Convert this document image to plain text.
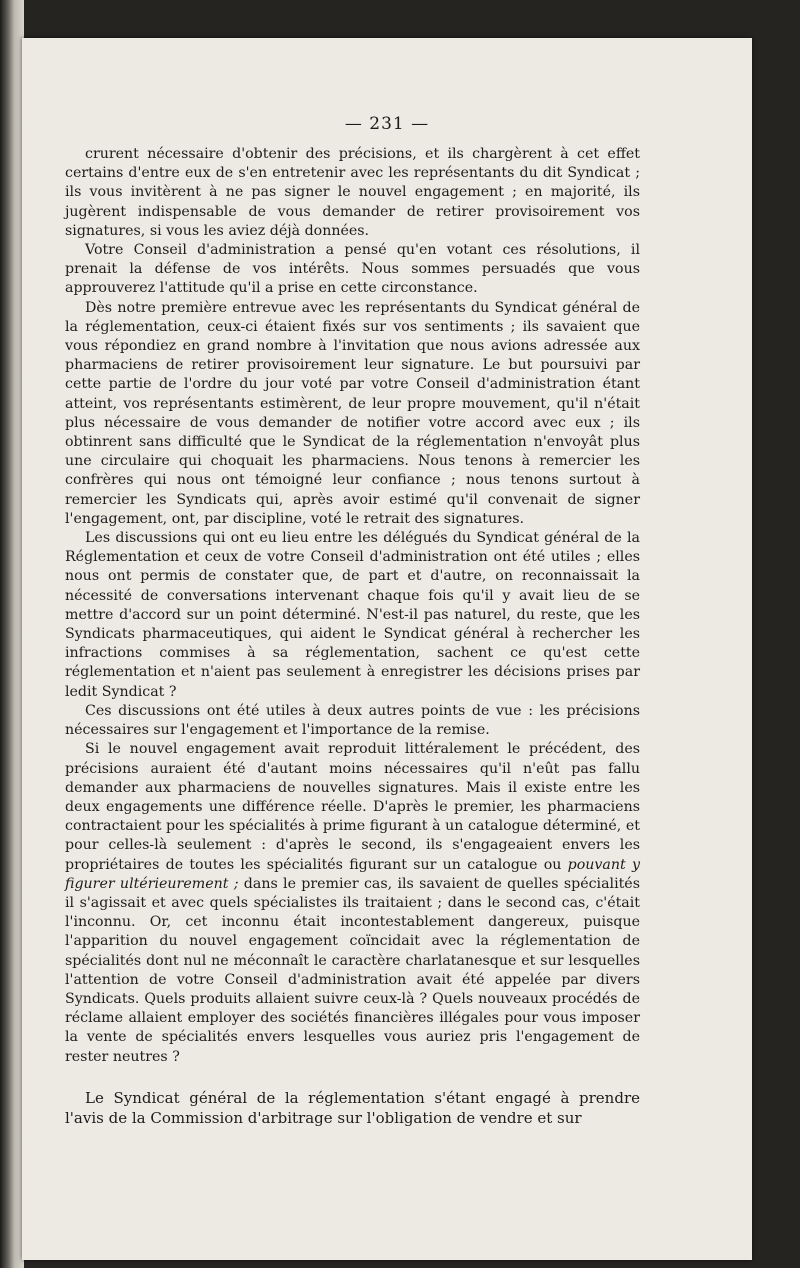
— 231 —

crurent nécessaire d'obtenir des précisions, et ils chargèrent à cet effet certains d'entre eux de s'en entretenir avec les représentants du dit Syndicat ; ils vous invitèrent à ne pas signer le nouvel engagement ; en majorité, ils jugèrent indispensable de vous demander de retirer provisoirement vos signatures, si vous les aviez déjà données.

Votre Conseil d'administration a pensé qu'en votant ces résolutions, il prenait la défense de vos intérêts. Nous sommes persuadés que vous approuverez l'attitude qu'il a prise en cette circonstance.

Dès notre première entrevue avec les représentants du Syndicat général de la réglementation, ceux-ci étaient fixés sur vos sentiments ; ils savaient que vous répondiez en grand nombre à l'invitation que nous avions adressée aux pharmaciens de retirer provisoirement leur signature. Le but poursuivi par cette partie de l'ordre du jour voté par votre Conseil d'administration étant atteint, vos représentants estimèrent, de leur propre mouvement, qu'il n'était plus nécessaire de vous demander de notifier votre accord avec eux ; ils obtinrent sans difficulté que le Syndicat de la réglementation n'envoyât plus une circulaire qui choquait les pharmaciens. Nous tenons à remercier les confrères qui nous ont témoigné leur confiance ; nous tenons surtout à remercier les Syndicats qui, après avoir estimé qu'il convenait de signer l'engagement, ont, par discipline, voté le retrait des signatures.

Les discussions qui ont eu lieu entre les délégués du Syndicat général de la Réglementation et ceux de votre Conseil d'administration ont été utiles ; elles nous ont permis de constater que, de part et d'autre, on reconnaissait la nécessité de conversations intervenant chaque fois qu'il y avait lieu de se mettre d'accord sur un point déterminé. N'est-il pas naturel, du reste, que les Syndicats pharmaceutiques, qui aident le Syndicat général à rechercher les infractions commises à sa réglementation, sachent ce qu'est cette réglementation et n'aient pas seulement à enregistrer les décisions prises par ledit Syndicat ?

Ces discussions ont été utiles à deux autres points de vue : les précisions nécessaires sur l'engagement et l'importance de la remise.

Si le nouvel engagement avait reproduit littéralement le précédent, des précisions auraient été d'autant moins nécessaires qu'il n'eût pas fallu demander aux pharmaciens de nouvelles signatures. Mais il existe entre les deux engagements une différence réelle. D'après le premier, les pharmaciens contractaient pour les spécialités à prime figurant à un catalogue déterminé, et pour celles-là seulement : d'après le second, ils s'engageaient envers les propriétaires de toutes les spécialités figurant sur un catalogue ou pouvant y figurer ultérieurement ; dans le premier cas, ils savaient de quelles spécialités il s'agissait et avec quels spécialistes ils traitaient ; dans le second cas, c'était l'inconnu. Or, cet inconnu était incontestablement dangereux, puisque l'apparition du nouvel engagement coïncidait avec la réglementation de spécialités dont nul ne méconnaît le caractère charlatanesque et sur lesquelles l'attention de votre Conseil d'administration avait été appelée par divers Syndicats. Quels produits allaient suivre ceux-là ? Quels nouveaux procédés de réclame allaient employer des sociétés financières illégales pour vous imposer la vente de spécialités envers lesquelles vous auriez pris l'engagement de rester neutres ?

Le Syndicat général de la réglementation s'étant engagé à prendre l'avis de la Commission d'arbitrage sur l'obligation de vendre et sur
